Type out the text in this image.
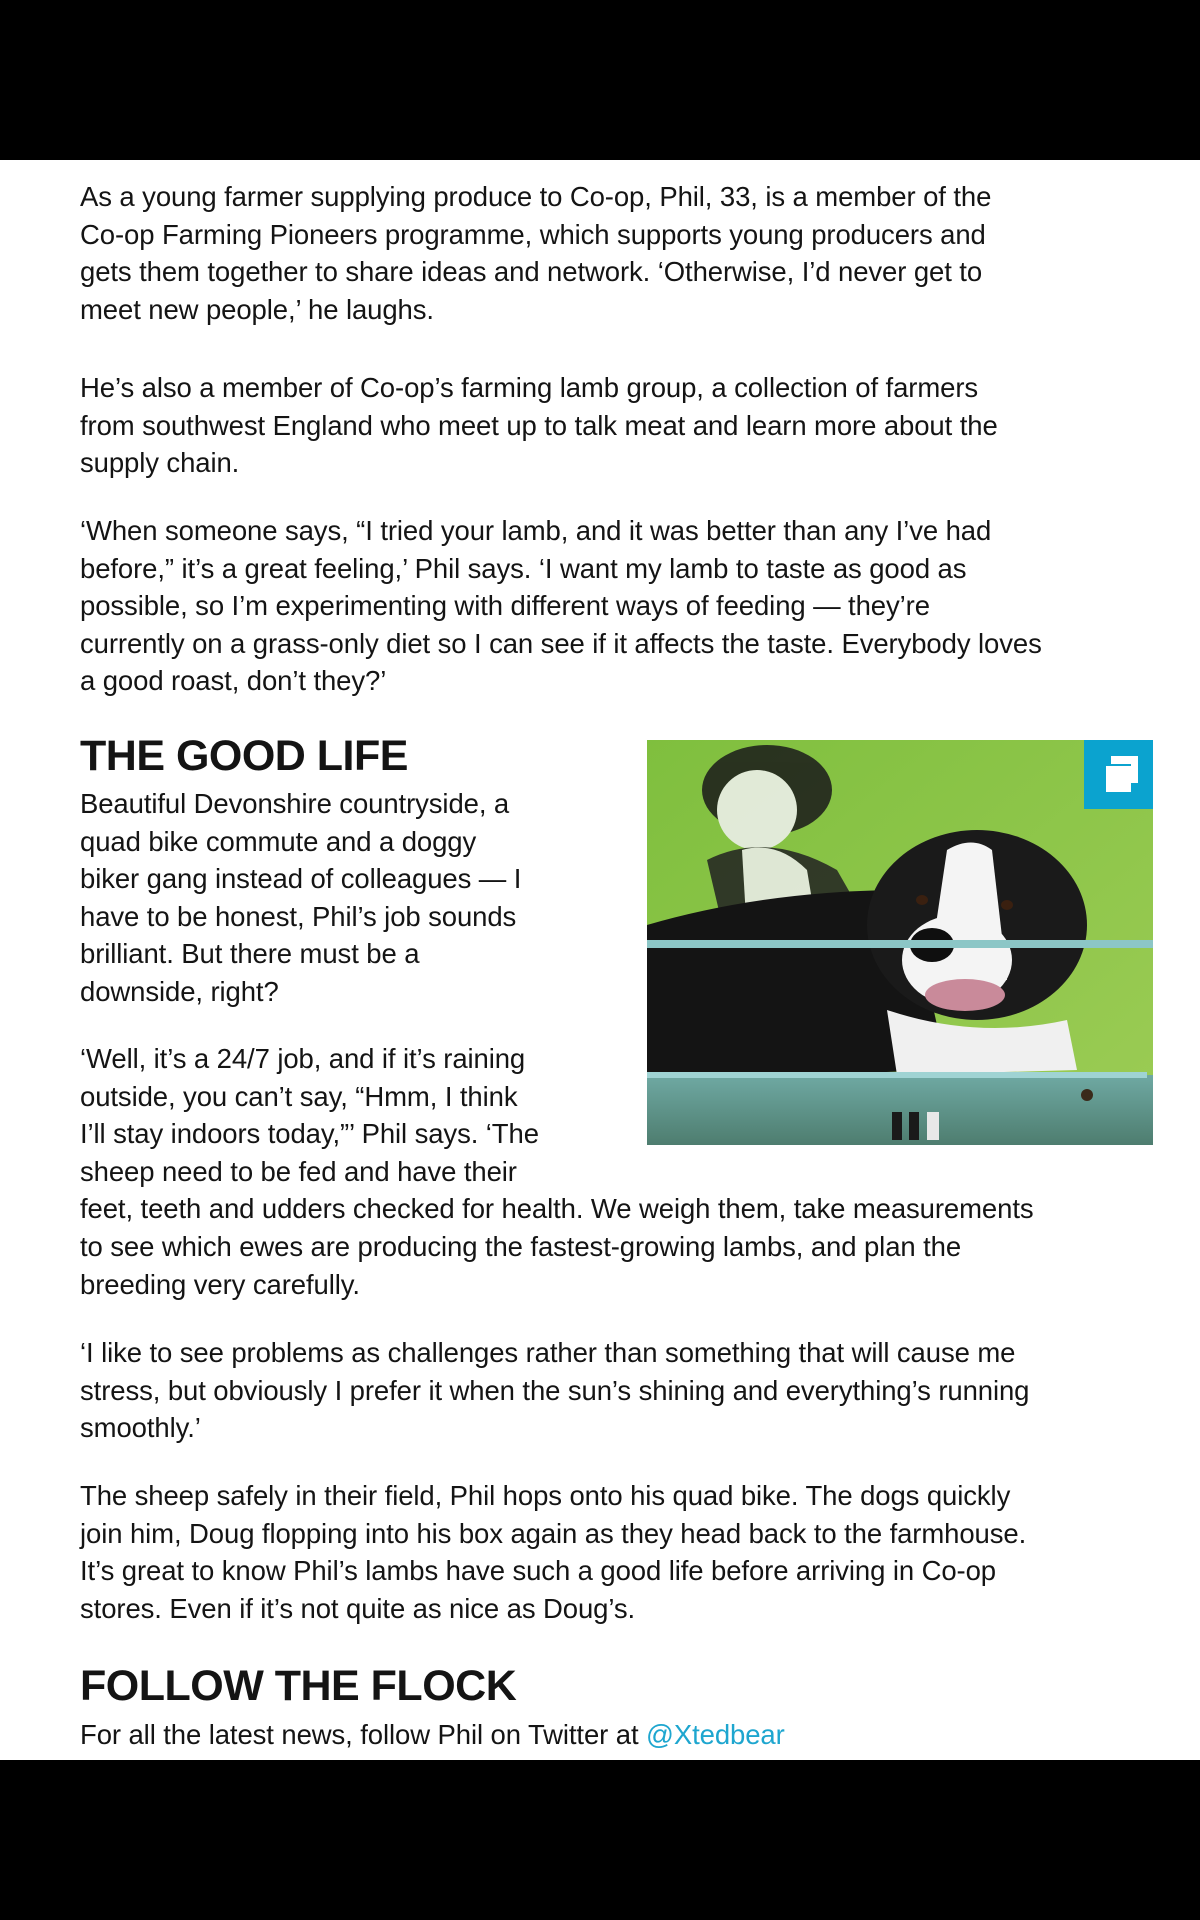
As a young farmer supplying produce to Co-op, Phil, 33, is a member of the
Co-op Farming Pioneers programme, which supports young producers and
gets them together to share ideas and network. ‘Otherwise, I’d never get to
meet new people,’ he laughs.

He’s also a member of Co-op’s farming lamb group, a collection of farmers
from southwest England who meet up to talk meat and learn more about the
supply chain.

‘When someone says, “I tried your lamb, and it was better than any I’ve had
before,” it’s a great feeling,’ Phil says. ‘I want my lamb to taste as good as
possible, so I’m experimenting with different ways of feeding — they’re
currently on a grass-only diet so I can see if it affects the taste. Everybody loves
a good roast, don’t they?’

THE GOOD LIFE

Beautiful Devonshire countryside, a
quad bike commute and a doggy
biker gang instead of colleagues — I
have to be honest, Phil’s job sounds
brilliant. But there must be a
downside, right?

‘Well, it’s a 24/7 job, and if it’s raining
outside, you can’t say, “Hmm, I think
I’ll stay indoors today,”’ Phil says. ‘The
sheep need to be fed and have their
feet, teeth and udders checked for health. We weigh them, take measurements
to see which ewes are producing the fastest-growing lambs, and plan the
breeding very carefully.

‘I like to see problems as challenges rather than something that will cause me
stress, but obviously I prefer it when the sun’s shining and everything’s running
smoothly.’

The sheep safely in their field, Phil hops onto his quad bike. The dogs quickly
join him, Doug flopping into his box again as they head back to the farmhouse.
It’s great to know Phil’s lambs have such a good life before arriving in Co-op
stores. Even if it’s not quite as nice as Doug’s.

FOLLOW THE FLOCK

For all the latest news, follow Phil on Twitter at @Xtedbear
